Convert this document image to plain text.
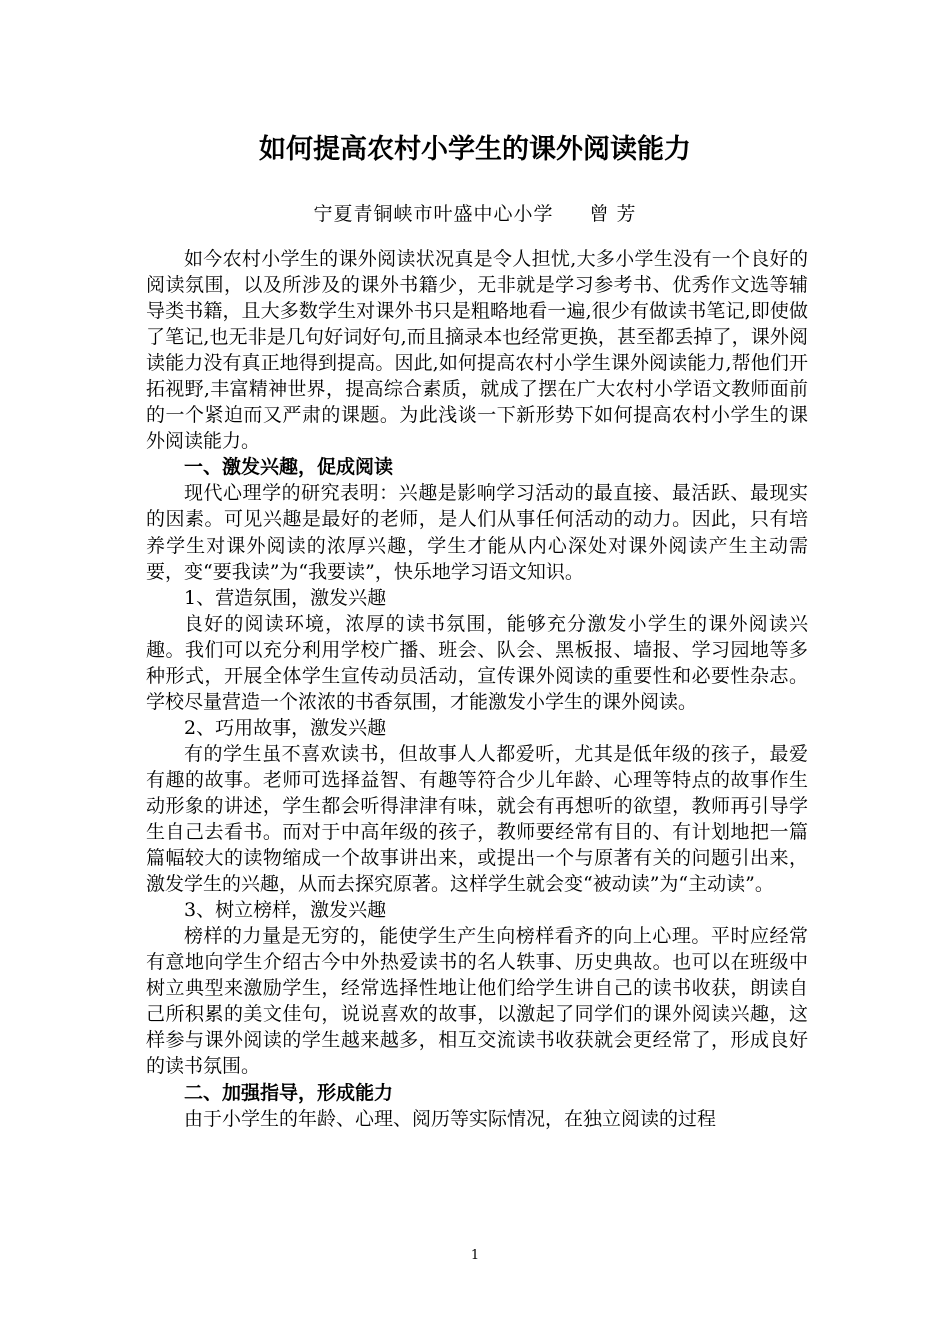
如何提高农村小学生的课外阅读能力

宁夏青铜峡市叶盛中心小学 曾 芳

如今农村小学生的课外阅读状况真是令人担忧,大多小学生没有一个良好的阅读氛围，以及所涉及的课外书籍少，无非就是学习参考书、优秀作文选等辅导类书籍，且大多数学生对课外书只是粗略地看一遍,很少有做读书笔记,即使做了笔记,也无非是几句好词好句,而且摘录本也经常更换，甚至都丢掉了，课外阅读能力没有真正地得到提高。因此,如何提高农村小学生课外阅读能力,帮他们开拓视野,丰富精神世界，提高综合素质，就成了摆在广大农村小学语文教师面前的一个紧迫而又严肃的课题。为此浅谈一下新形势下如何提高农村小学生的课外阅读能力。

一、激发兴趣，促成阅读

现代心理学的研究表明：兴趣是影响学习活动的最直接、最活跃、最现实的因素。可见兴趣是最好的老师，是人们从事任何活动的动力。因此，只有培养学生对课外阅读的浓厚兴趣，学生才能从内心深处对课外阅读产生主动需要，变“要我读”为“我要读”，快乐地学习语文知识。

1、营造氛围，激发兴趣

良好的阅读环境，浓厚的读书氛围，能够充分激发小学生的课外阅读兴趣。我们可以充分利用学校广播、班会、队会、黑板报、墙报、学习园地等多种形式，开展全体学生宣传动员活动，宣传课外阅读的重要性和必要性杂志。学校尽量营造一个浓浓的书香氛围，才能激发小学生的课外阅读。

2、巧用故事，激发兴趣

有的学生虽不喜欢读书，但故事人人都爱听，尤其是低年级的孩子，最爱有趣的故事。老师可选择益智、有趣等符合少儿年龄、心理等特点的故事作生动形象的讲述，学生都会听得津津有味，就会有再想听的欲望，教师再引导学生自己去看书。而对于中高年级的孩子，教师要经常有目的、有计划地把一篇篇幅较大的读物缩成一个故事讲出来，或提出一个与原著有关的问题引出来，激发学生的兴趣，从而去探究原著。这样学生就会变“被动读”为“主动读”。

3、树立榜样，激发兴趣

榜样的力量是无穷的，能使学生产生向榜样看齐的向上心理。平时应经常有意地向学生介绍古今中外热爱读书的名人轶事、历史典故。也可以在班级中树立典型来激励学生，经常选择性地让他们给学生讲自己的读书收获，朗读自己所积累的美文佳句，说说喜欢的故事，以激起了同学们的课外阅读兴趣，这样参与课外阅读的学生越来越多，相互交流读书收获就会更经常了，形成良好的读书氛围。

二、加强指导，形成能力

由于小学生的年龄、心理、阅历等实际情况，在独立阅读的过程

1
